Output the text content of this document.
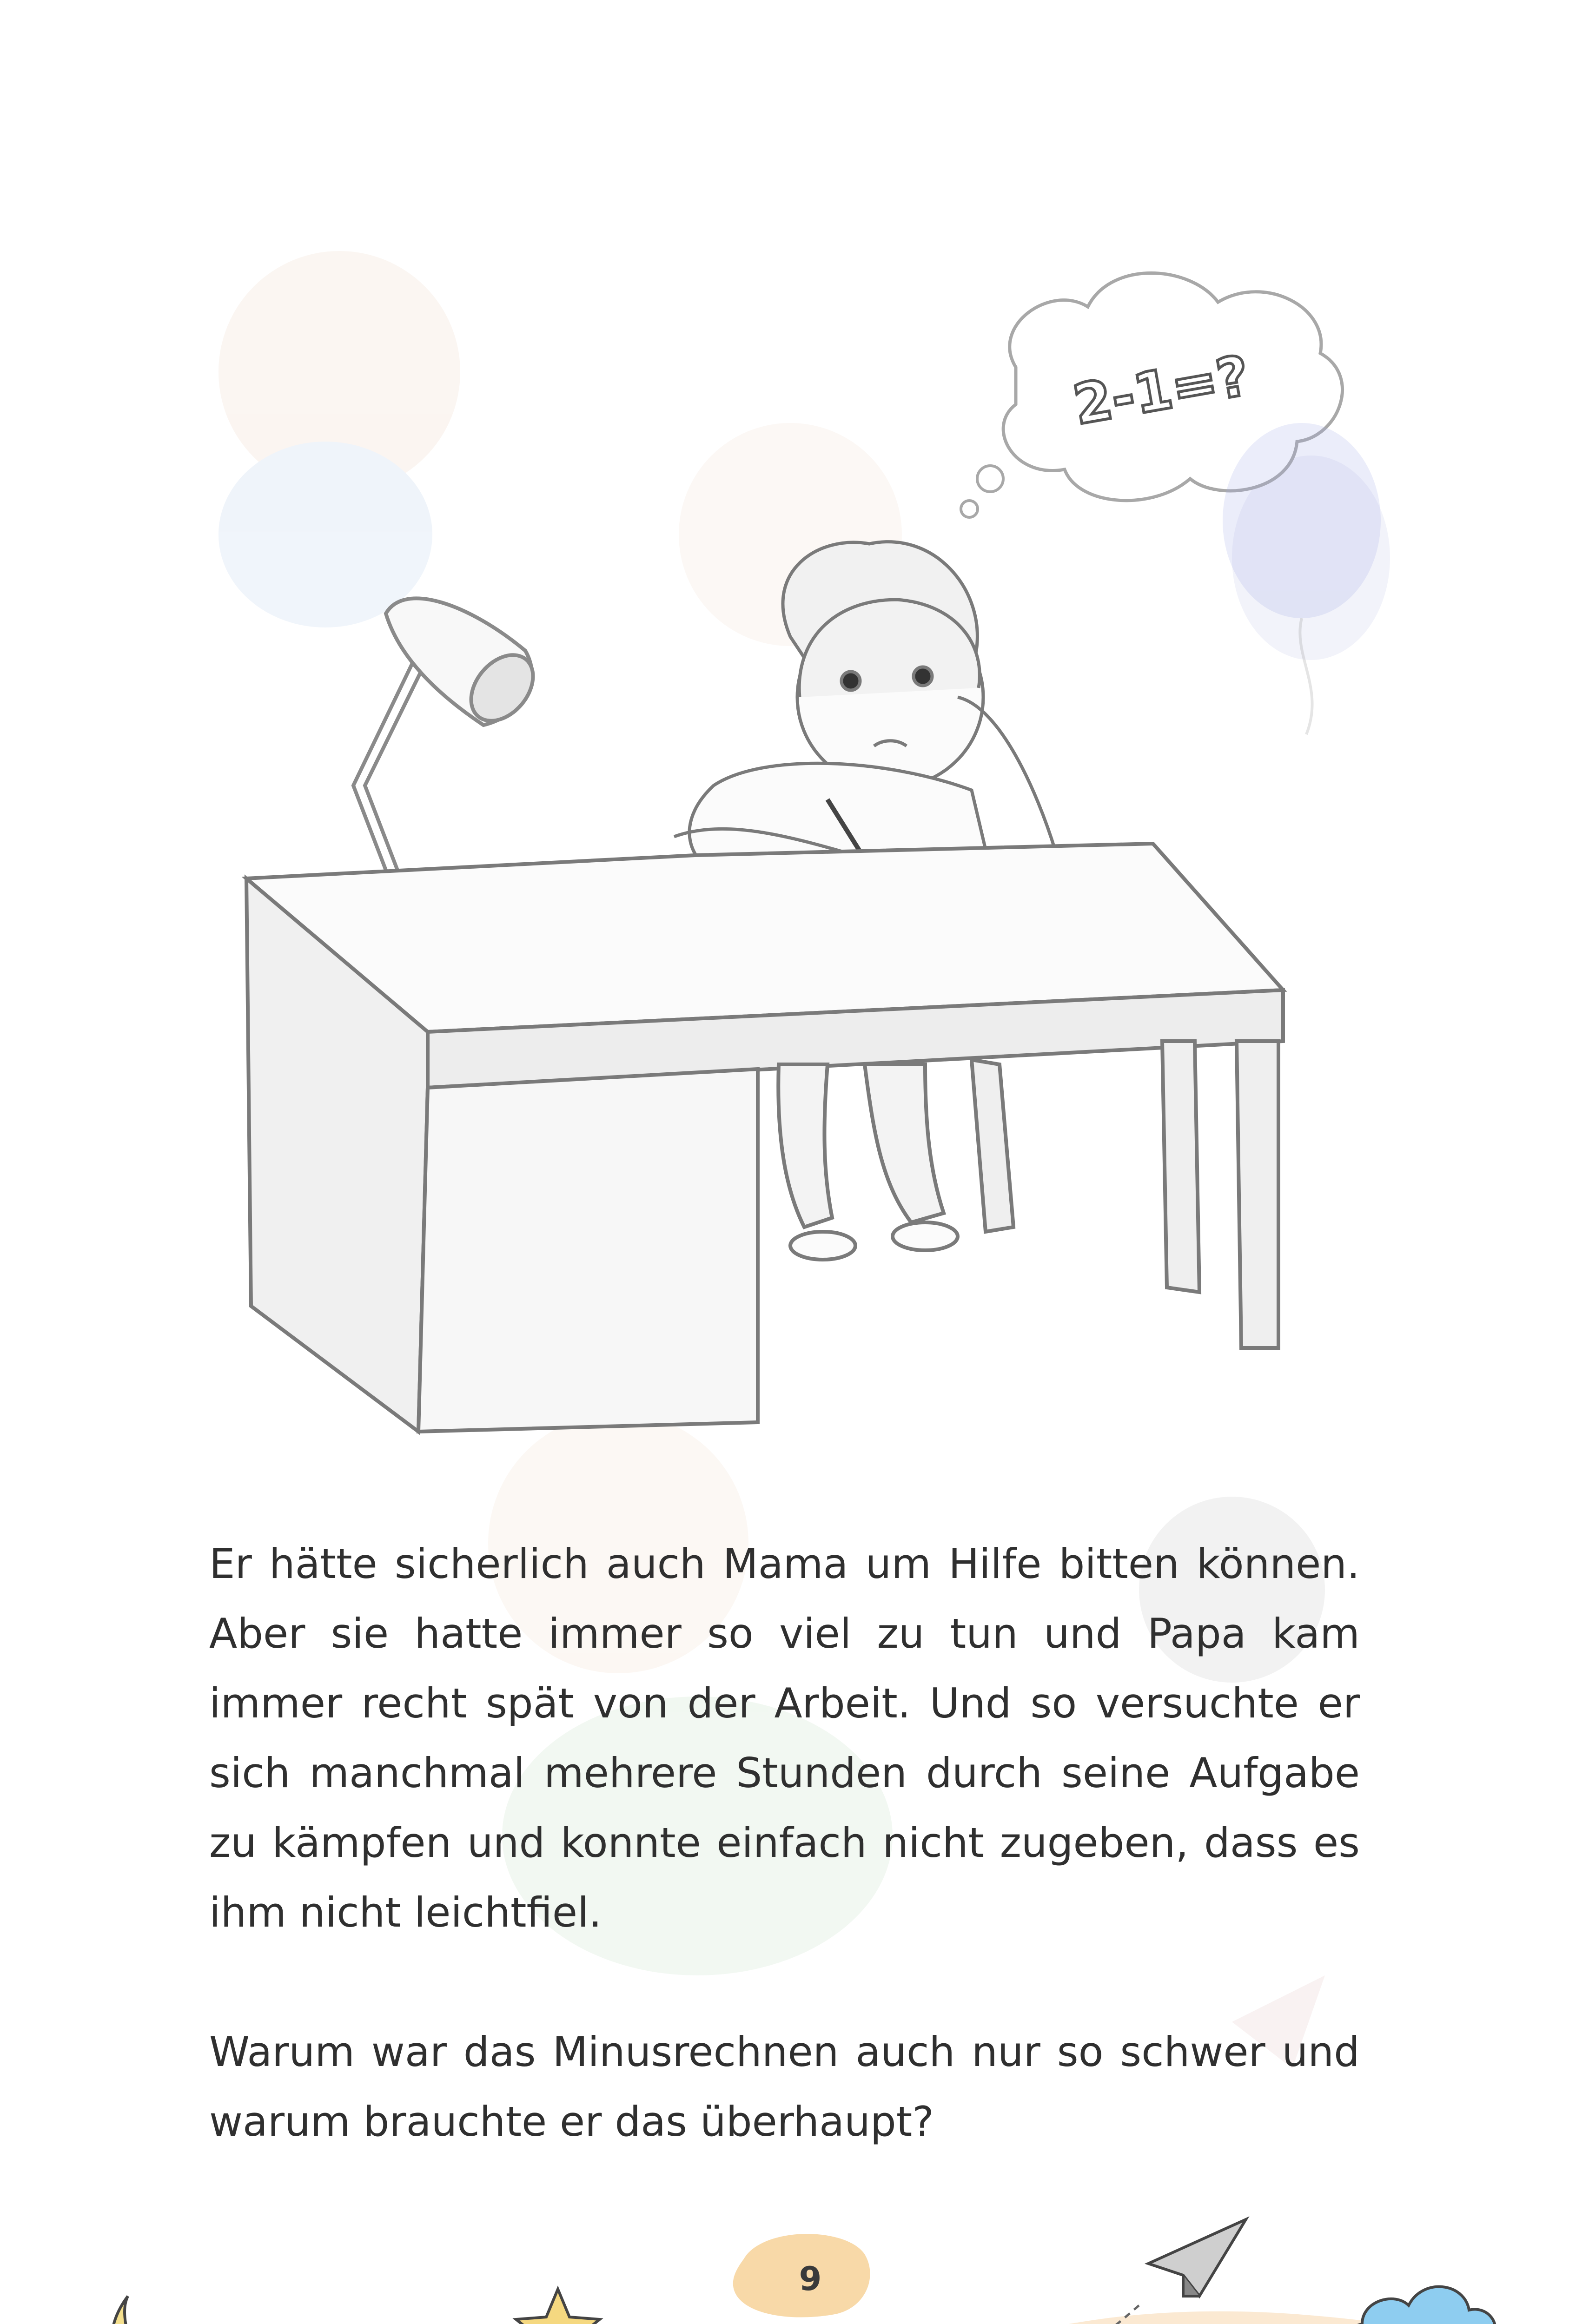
2-1=?

Er hätte sicherlich auch Mama um Hilfe bitten können. Aber sie hatte immer so viel zu tun und Papa kam immer recht spät von der Arbeit. Und so versuchte er sich manchmal mehrere Stunden durch seine Aufgabe zu kämpfen und konnte einfach nicht zugeben, dass es ihm nicht leichtfiel.

Warum war das Minusrechnen auch nur so schwer und warum brauchte er das überhaupt?

9
